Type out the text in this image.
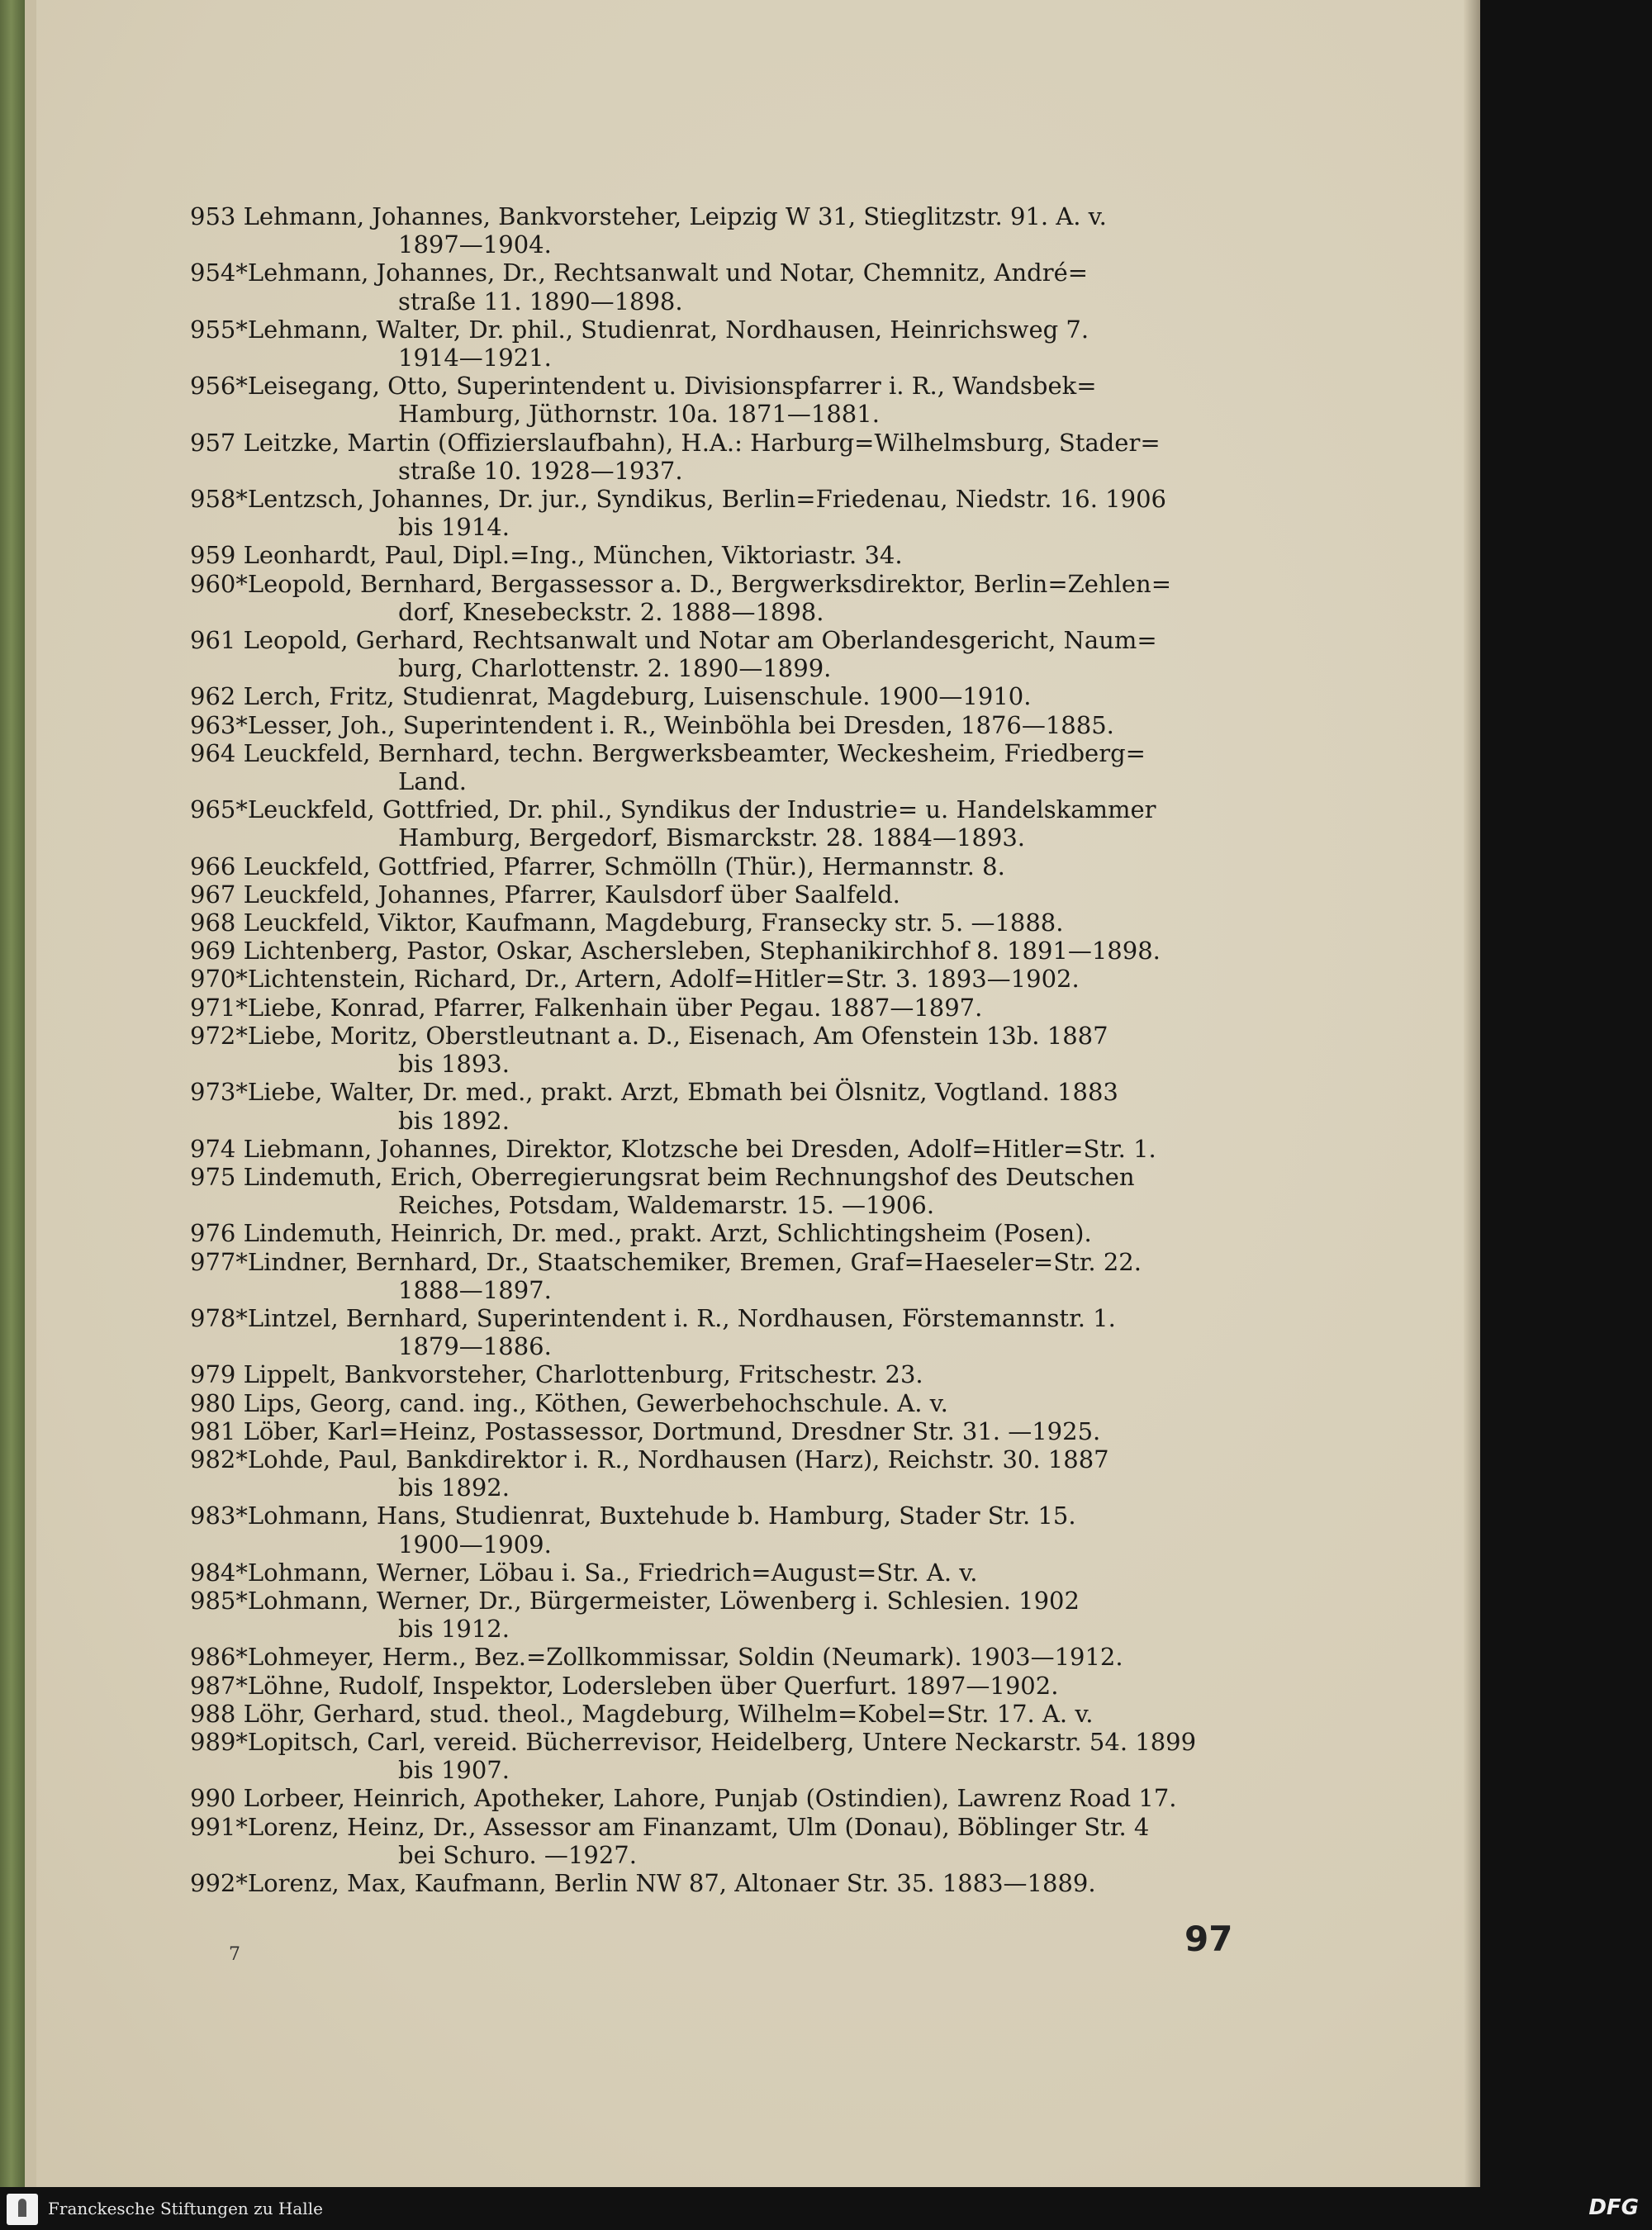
953 Lehmann, Johannes, Bankvorsteher, Leipzig W 31, Stieglitzstr. 91. A. v.
1897—1904.
954* Lehmann, Johannes, Dr., Rechtsanwalt und Notar, Chemnitz, André=
straße 11. 1890—1898.
955* Lehmann, Walter, Dr. phil., Studienrat, Nordhausen, Heinrichsweg 7.
1914—1921.
956* Leisegang, Otto, Superintendent u. Divisionspfarrer i. R., Wandsbek=
Hamburg, Jüthornstr. 10a. 1871—1881.
957 Leitzke, Martin (Offizierslaufbahn), H.A.: Harburg=Wilhelmsburg, Stader=
straße 10. 1928—1937.
958* Lentzsch, Johannes, Dr. jur., Syndikus, Berlin=Friedenau, Niedstr. 16. 1906
bis 1914.
959 Leonhardt, Paul, Dipl.=Ing., München, Viktoriastr. 34.
960* Leopold, Bernhard, Bergassessor a. D., Bergwerksdirektor, Berlin=Zehlen=
dorf, Knesebeckstr. 2. 1888—1898.
961 Leopold, Gerhard, Rechtsanwalt und Notar am Oberlandesgericht, Naum=
burg, Charlottenstr. 2. 1890—1899.
962 Lerch, Fritz, Studienrat, Magdeburg, Luisenschule. 1900—1910.
963* Lesser, Joh., Superintendent i. R., Weinböhla bei Dresden, 1876—1885.
964 Leuckfeld, Bernhard, techn. Bergwerksbeamter, Weckesheim, Friedberg=
Land.
965* Leuckfeld, Gottfried, Dr. phil., Syndikus der Industrie= u. Handelskammer
Hamburg, Bergedorf, Bismarckstr. 28. 1884—1893.
966 Leuckfeld, Gottfried, Pfarrer, Schmölln (Thür.), Hermannstr. 8.
967 Leuckfeld, Johannes, Pfarrer, Kaulsdorf über Saalfeld.
968 Leuckfeld, Viktor, Kaufmann, Magdeburg, Fransecky str. 5. —1888.
969 Lichtenberg, Pastor, Oskar, Aschersleben, Stephanikirchhof 8. 1891—1898.
970* Lichtenstein, Richard, Dr., Artern, Adolf=Hitler=Str. 3. 1893—1902.
971* Liebe, Konrad, Pfarrer, Falkenhain über Pegau. 1887—1897.
972* Liebe, Moritz, Oberstleutnant a. D., Eisenach, Am Ofenstein 13b. 1887
bis 1893.
973* Liebe, Walter, Dr. med., prakt. Arzt, Ebmath bei Ölsnitz, Vogtland. 1883
bis 1892.
974 Liebmann, Johannes, Direktor, Klotzsche bei Dresden, Adolf=Hitler=Str. 1.
975 Lindemuth, Erich, Oberregierungsrat beim Rechnungshof des Deutschen
Reiches, Potsdam, Waldemarstr. 15. —1906.
976 Lindemuth, Heinrich, Dr. med., prakt. Arzt, Schlichtingsheim (Posen).
977* Lindner, Bernhard, Dr., Staatschemiker, Bremen, Graf=Haeseler=Str. 22.
1888—1897.
978* Lintzel, Bernhard, Superintendent i. R., Nordhausen, Förstemannstr. 1.
1879—1886.
979 Lippelt, Bankvorsteher, Charlottenburg, Fritschestr. 23.
980 Lips, Georg, cand. ing., Köthen, Gewerbehochschule. A. v.
981 Löber, Karl=Heinz, Postassessor, Dortmund, Dresdner Str. 31. —1925.
982* Lohde, Paul, Bankdirektor i. R., Nordhausen (Harz), Reichstr. 30. 1887
bis 1892.
983* Lohmann, Hans, Studienrat, Buxtehude b. Hamburg, Stader Str. 15.
1900—1909.
984* Lohmann, Werner, Löbau i. Sa., Friedrich=August=Str. A. v.
985* Lohmann, Werner, Dr., Bürgermeister, Löwenberg i. Schlesien. 1902
bis 1912.
986* Lohmeyer, Herm., Bez.=Zollkommissar, Soldin (Neumark). 1903—1912.
987* Löhne, Rudolf, Inspektor, Lodersleben über Querfurt. 1897—1902.
988 Löhr, Gerhard, stud. theol., Magdeburg, Wilhelm=Kobel=Str. 17. A. v.
989* Lopitsch, Carl, vereid. Bücherrevisor, Heidelberg, Untere Neckarstr. 54. 1899
bis 1907.
990 Lorbeer, Heinrich, Apotheker, Lahore, Punjab (Ostindien), Lawrenz Road 17.
991* Lorenz, Heinz, Dr., Assessor am Finanzamt, Ulm (Donau), Böblinger Str. 4
bei Schuro. —1927.
992* Lorenz, Max, Kaufmann, Berlin NW 87, Altonaer Str. 35. 1883—1889.
7	97
Franckesche Stiftungen zu Halle	DFG
